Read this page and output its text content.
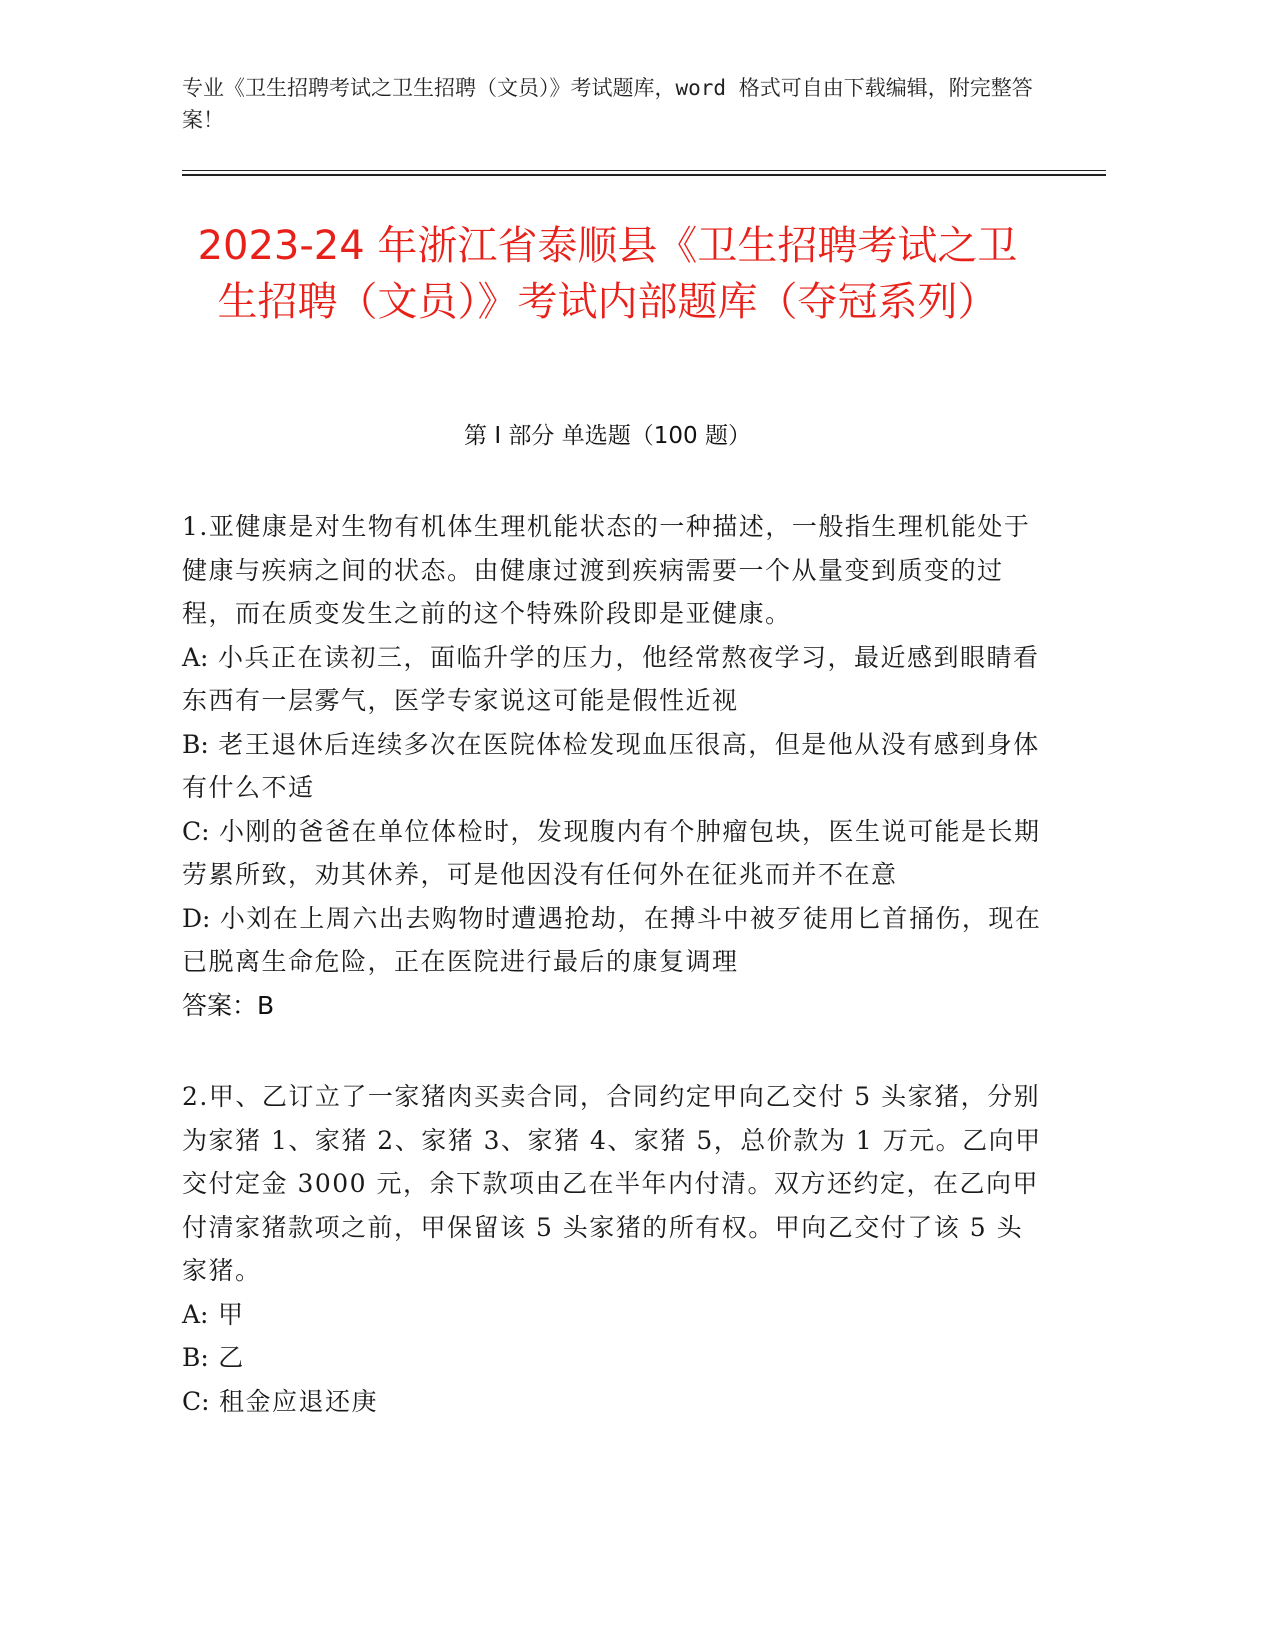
专业《卫生招聘考试之卫生招聘（文员）》考试题库，word 格式可自由下载编辑，附完整答案！
2023-24 年浙江省泰顺县《卫生招聘考试之卫生招聘（文员）》考试内部题库（夺冠系列）
第 I 部分 单选题（100 题）
1.亚健康是对生物有机体生理机能状态的一种描述，一般指生理机能处于健康与疾病之间的状态。由健康过渡到疾病需要一个从量变到质变的过程，而在质变发生之前的这个特殊阶段即是亚健康。
A: 小兵正在读初三，面临升学的压力，他经常熬夜学习，最近感到眼睛看东西有一层雾气，医学专家说这可能是假性近视
B: 老王退休后连续多次在医院体检发现血压很高，但是他从没有感到身体有什么不适
C: 小刚的爸爸在单位体检时，发现腹内有个肿瘤包块，医生说可能是长期劳累所致，劝其休养，可是他因没有任何外在征兆而并不在意
D: 小刘在上周六出去购物时遭遇抢劫，在搏斗中被歹徒用匕首捅伤，现在已脱离生命危险，正在医院进行最后的康复调理
答案：B
2.甲、乙订立了一家猪肉买卖合同，合同约定甲向乙交付 5 头家猪，分别为家猪 1、家猪 2、家猪 3、家猪 4、家猪 5，总价款为 1 万元。乙向甲交付定金 3000 元，余下款项由乙在半年内付清。双方还约定，在乙向甲付清家猪款项之前，甲保留该 5 头家猪的所有权。甲向乙交付了该 5 头家猪。
A: 甲
B: 乙
C: 租金应退还庚
